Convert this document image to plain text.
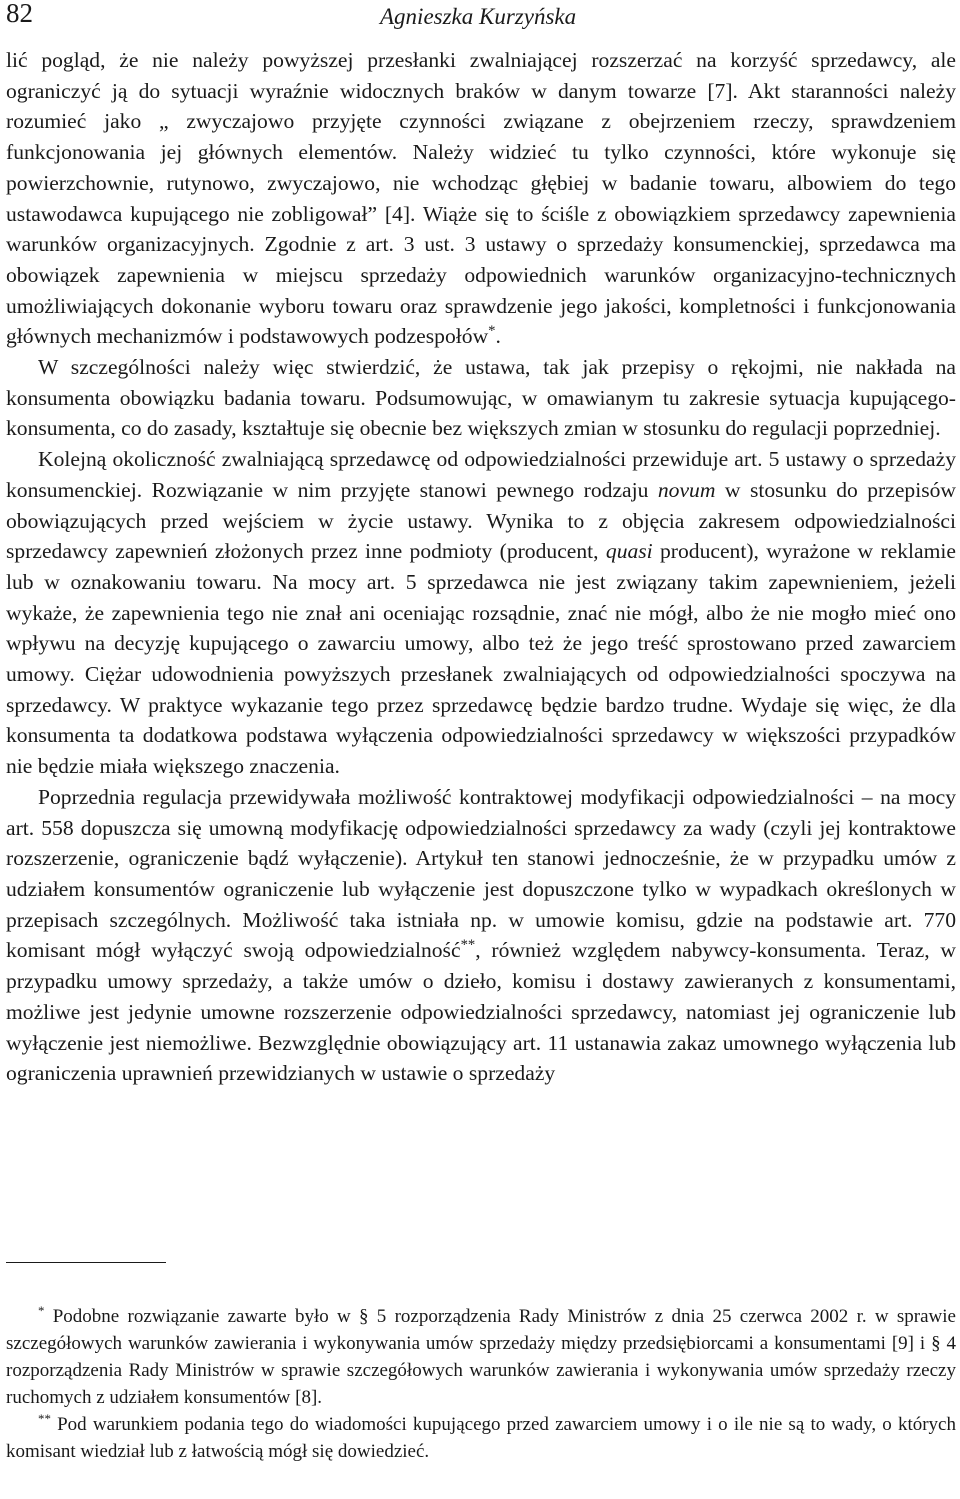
82	Agnieszka Kurzyńska

lić pogląd, że nie należy powyższej przesłanki zwalniającej rozszerzać na korzyść sprzedawcy, ale ograniczyć ją do sytuacji wyraźnie widocznych braków w danym towarze [7]. Akt staranności należy rozumieć jako „ zwyczajowo przyjęte czynności związane z obejrzeniem rzeczy, sprawdzeniem funkcjonowania jej głównych elementów. Należy widzieć tu tylko czynności, które wykonuje się powierzchownie, rutynowo, zwyczajowo, nie wchodząc głębiej w badanie towaru, albowiem do tego ustawodawca kupującego nie zobligował” [4]. Wiąże się to ściśle z obowiązkiem sprzedawcy zapewnienia warunków organizacyjnych. Zgodnie z art. 3 ust. 3 ustawy o sprzedaży konsumenckiej, sprzedawca ma obowiązek zapewnienia w miejscu sprzedaży odpowiednich warunków organizacyjno-technicznych umożliwiających dokonanie wyboru towaru oraz sprawdzenie jego jakości, kompletności i funkcjonowania głównych mechanizmów i podstawowych podzespołów*.

W szczególności należy więc stwierdzić, że ustawa, tak jak przepisy o rękojmi, nie nakłada na konsumenta obowiązku badania towaru. Podsumowując, w omawianym tu zakresie sytuacja kupującego-konsumenta, co do zasady, kształtuje się obecnie bez większych zmian w stosunku do regulacji poprzedniej.

Kolejną okoliczność zwalniającą sprzedawcę od odpowiedzialności przewiduje art. 5 ustawy o sprzedaży konsumenckiej. Rozwiązanie w nim przyjęte stanowi pewnego rodzaju novum w stosunku do przepisów obowiązujących przed wejściem w życie ustawy. Wynika to z objęcia zakresem odpowiedzialności sprzedawcy zapewnień złożonych przez inne podmioty (producent, quasi producent), wyrażone w reklamie lub w oznakowaniu towaru. Na mocy art. 5 sprzedawca nie jest związany takim zapewnieniem, jeżeli wykaże, że zapewnienia tego nie znał ani oceniając rozsądnie, znać nie mógł, albo że nie mogło mieć ono wpływu na decyzję kupującego o zawarciu umowy, albo też że jego treść sprostowano przed zawarciem umowy. Ciężar udowodnienia powyższych przesłanek zwalniających od odpowiedzialności spoczywa na sprzedawcy. W praktyce wykazanie tego przez sprzedawcę będzie bardzo trudne. Wydaje się więc, że dla konsumenta ta dodatkowa podstawa wyłączenia odpowiedzialności sprzedawcy w większości przypadków nie będzie miała większego znaczenia.

Poprzednia regulacja przewidywała możliwość kontraktowej modyfikacji odpowiedzialności – na mocy art. 558 dopuszcza się umowną modyfikację odpowiedzialności sprzedawcy za wady (czyli jej kontraktowe rozszerzenie, ograniczenie bądź wyłączenie). Artykuł ten stanowi jednocześnie, że w przypadku umów z udziałem konsumentów ograniczenie lub wyłączenie jest dopuszczone tylko w wypadkach określonych w przepisach szczególnych. Możliwość taka istniała np. w umowie komisu, gdzie na podstawie art. 770 komisant mógł wyłączyć swoją odpowiedzialność**, również względem nabywcy-konsumenta. Teraz, w przypadku umowy sprzedaży, a także umów o dzieło, komisu i dostawy zawieranych z konsumentami, możliwe jest jedynie umowne rozszerzenie odpowiedzialności sprzedawcy, natomiast jej ograniczenie lub wyłączenie jest niemożliwe. Bezwzględnie obowiązujący art. 11 ustanawia zakaz umownego wyłączenia lub ograniczenia uprawnień przewidzianych w ustawie o sprzedaży

* Podobne rozwiązanie zawarte było w § 5 rozporządzenia Rady Ministrów z dnia 25 czerwca 2002 r. w sprawie szczegółowych warunków zawierania i wykonywania umów sprzedaży między przedsiębiorcami a konsumentami [9] i § 4 rozporządzenia Rady Ministrów w sprawie szczegółowych warunków zawierania i wykonywania umów sprzedaży rzeczy ruchomych z udziałem konsumentów [8].

** Pod warunkiem podania tego do wiadomości kupującego przed zawarciem umowy i o ile nie są to wady, o których komisant wiedział lub z łatwością mógł się dowiedzieć.
